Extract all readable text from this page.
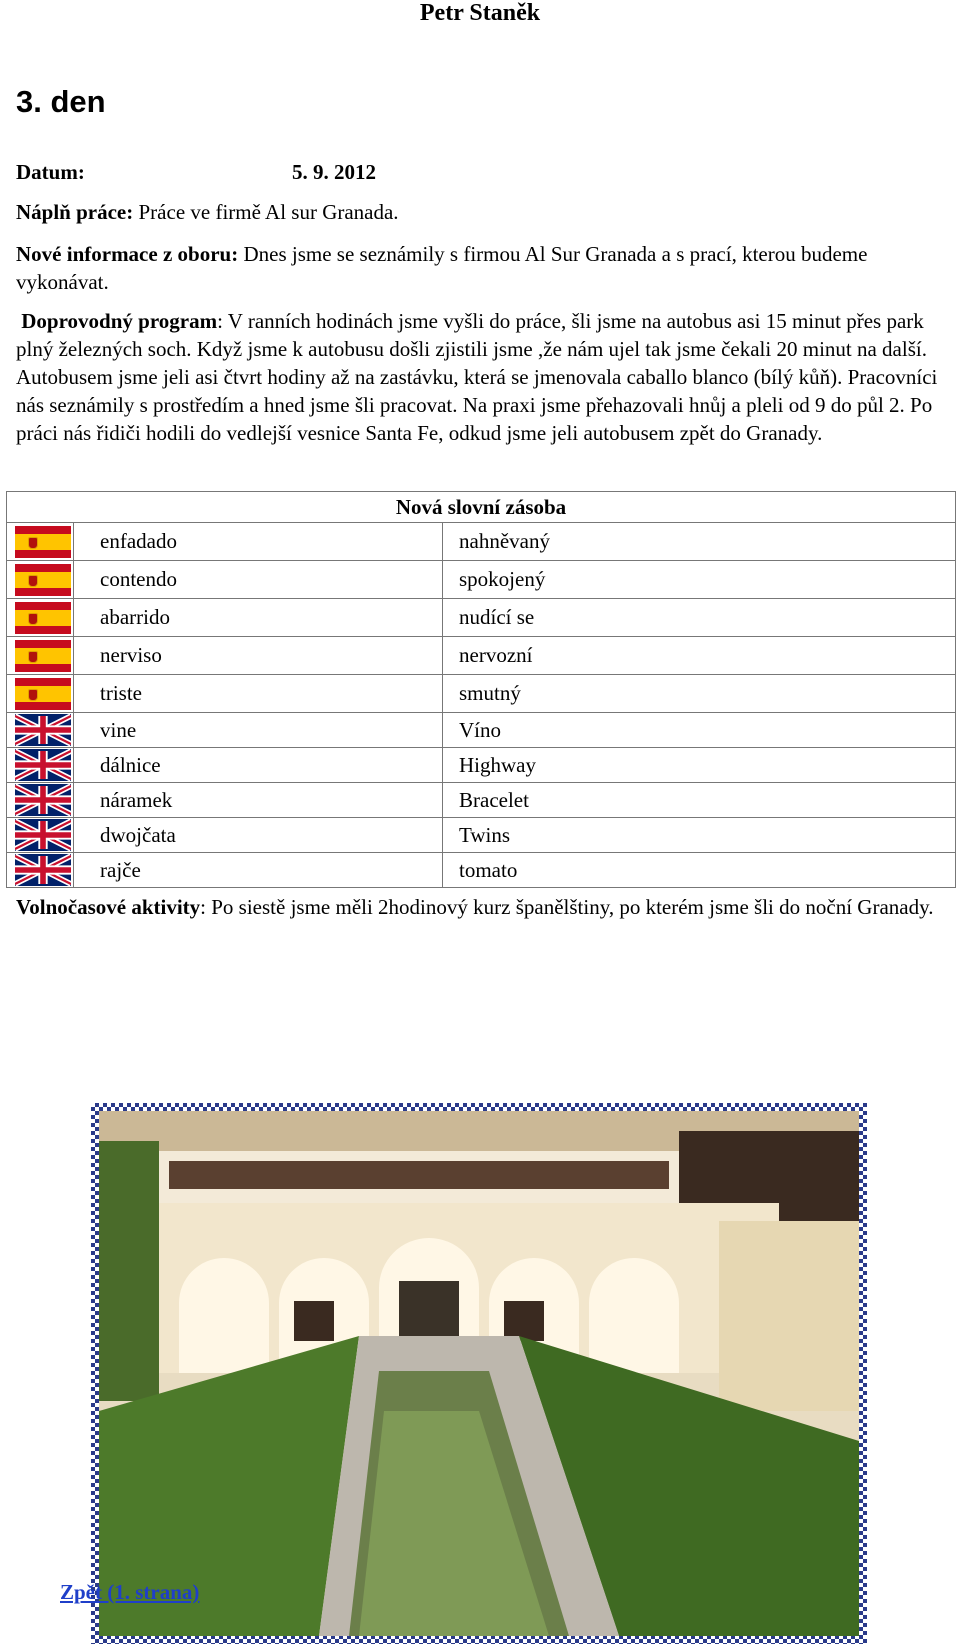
Petr Staněk
3. den
Datum:	5. 9. 2012
Náplň práce: Práce ve firmě Al sur Granada.
Nové informace z oboru: Dnes jsme se seznámily s firmou Al Sur Granada a s prací, kterou budeme vykonávat.
Doprovodný program: V ranních hodinách jsme vyšli do práce, šli jsme na autobus asi 15 minut přes park plný železných soch. Když jsme k autobusu došli zjistili jsme ,že nám ujel tak jsme čekali 20 minut na další. Autobusem jsme jeli asi čtvrt hodiny až na zastávku, která se jmenovala caballo blanco (bílý kůň). Pracovníci nás seznámily s prostředím a hned jsme šli pracovat. Na praxi jsme přehazovali hnůj a pleli od 9 do půl 2. Po práci nás řidiči hodili do vedlejší vesnice Santa Fe, odkud jsme jeli autobusem zpět do Granady.
Nová slovní zásoba		

	enfadado	nahněvaný

	contendo	spokojený

	abarrido	nudící se

	nerviso	nervozní

	triste	smutný

	vine	Víno

	dálnice	Highway

	náramek	Bracelet

	dwojčata	Twins

	rajče	tomato
Volnočasové aktivity: Po siestě jsme měli 2hodinový kurz španělštiny, po kterém jsme šli do noční Granady.
Zpět (1. strana)
